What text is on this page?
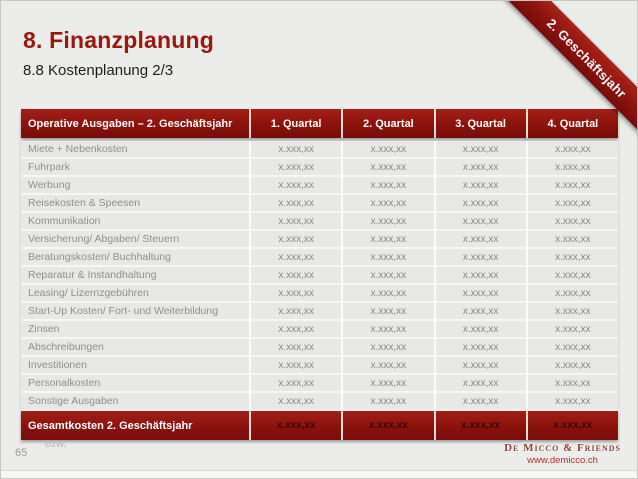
8. Finanzplanung
8.8 Kostenplanung 2/3	2. Geschäftsjahr
Operative Ausgaben – 2. Geschäftsjahr	1. Quartal	2. Quartal	3. Quartal	4. Quartal
Miete + Nebenkosten	x.xxx,xx	x.xxx,xx	x.xxx,xx	x.xxx,xx
Fuhrpark	x.xxx,xx	x.xxx,xx	x.xxx,xx	x.xxx,xx
Werbung	x.xxx,xx	x.xxx,xx	x.xxx,xx	x.xxx,xx
Reisekosten & Speesen	x.xxx,xx	x.xxx,xx	x.xxx,xx	x.xxx,xx
Kommunikation	x.xxx,xx	x.xxx,xx	x.xxx,xx	x.xxx,xx
Versicherung/ Abgaben/ Steuern	x.xxx,xx	x.xxx,xx	x.xxx,xx	x.xxx,xx
Beratungskosten/ Buchhaltung	x.xxx,xx	x.xxx,xx	x.xxx,xx	x.xxx,xx
Reparatur & Instandhaltung	x.xxx,xx	x.xxx,xx	x.xxx,xx	x.xxx,xx
Leasing/ Lizernzgebühren	x.xxx,xx	x.xxx,xx	x.xxx,xx	x.xxx,xx
Start-Up Kosten/ Fort- und Weiterbildung	x.xxx,xx	x.xxx,xx	x.xxx,xx	x.xxx,xx
Zinsen	x.xxx,xx	x.xxx,xx	x.xxx,xx	x.xxx,xx
Abschreibungen	x.xxx,xx	x.xxx,xx	x.xxx,xx	x.xxx,xx
Investitionen	x.xxx,xx	x.xxx,xx	x.xxx,xx	x.xxx,xx
Personalkosten	x.xxx,xx	x.xxx,xx	x.xxx,xx	x.xxx,xx
Sonstige Ausgaben	x.xxx,xx	x.xxx,xx	x.xxx,xx	x.xxx,xx
Gesamtkosten 2. Geschäftsjahr	x.xxx,xx	x.xxx,xx	x.xxx,xx	x.xxx,xx
bzw.
65	De Micco & Friends
www.demicco.ch
